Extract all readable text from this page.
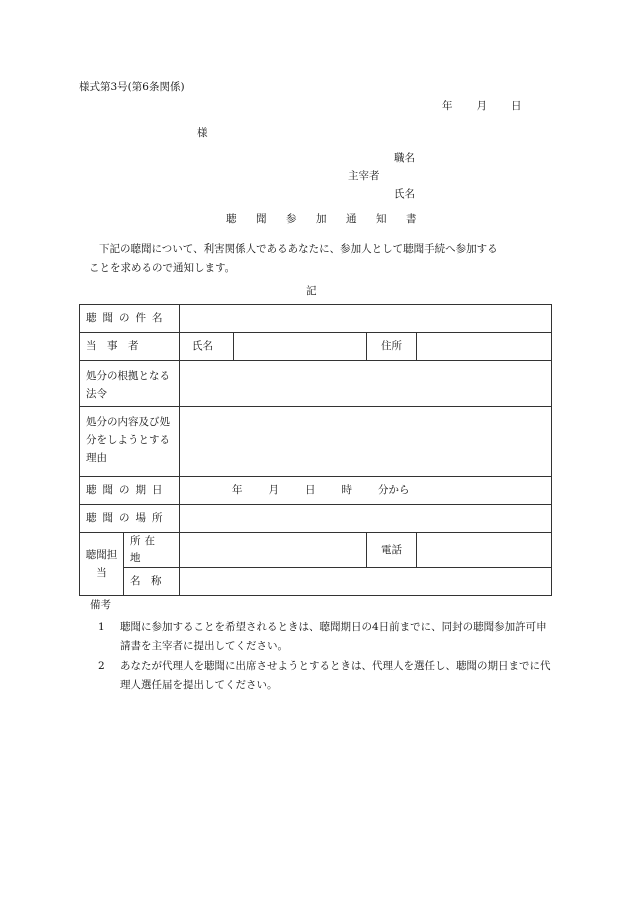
様式第3号(第6条関係)
年 月 日
様
職名
主宰者
氏名
聴 聞 参 加 通 知 書

下記の聴聞について、利害関係人であるあなたに、参加人として聴聞手続へ参加する

ことを求めるので通知します。

記
聴聞の件名					
当　事　者		氏名		住所	
処分の根拠となる法令					
処分の内容及び処分をしようとする理由					
聴聞の期日		年 月 日 時 分から			
聴聞の場所					
聴聞担当	所在地			電話	
	名　称				
備考
1 聴聞に参加することを希望されるときは、聴聞期日の4日前までに、同封の聴聞参加許可申請書を主宰者に提出してください。
2 あなたが代理人を聴聞に出席させようとするときは、代理人を選任し、聴聞の期日までに代理人選任届を提出してください。
